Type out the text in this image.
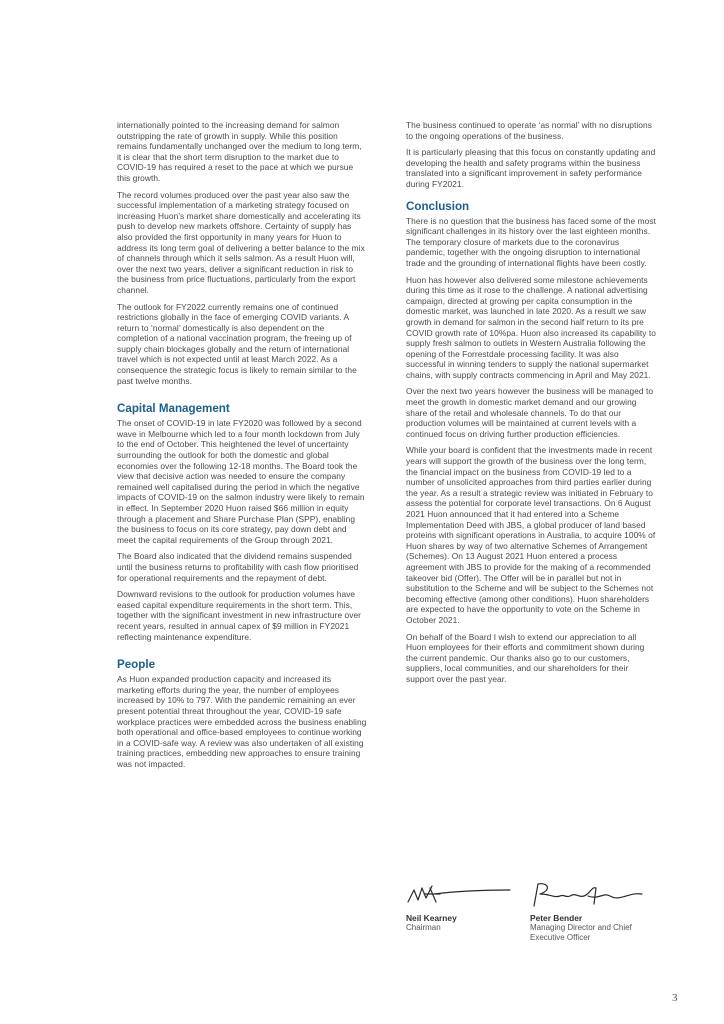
internationally pointed to the increasing demand for salmon outstripping the rate of growth in supply. While this position remains fundamentally unchanged over the medium to long term, it is clear that the short term disruption to the market due to COVID-19 has required a reset to the pace at which we pursue this growth.

The record volumes produced over the past year also saw the successful implementation of a marketing strategy focused on increasing Huon’s market share domestically and accelerating its push to develop new markets offshore. Certainty of supply has also provided the first opportunity in many years for Huon to address its long term goal of delivering a better balance to the mix of channels through which it sells salmon. As a result Huon will, over the next two years, deliver a significant reduction in risk to the business from price fluctuations, particularly from the export channel.

The outlook for FY2022 currently remains one of continued restrictions globally in the face of emerging COVID variants. A return to ‘normal’ domestically is also dependent on the completion of a national vaccination program, the freeing up of supply chain blockages globally and the return of international travel which is not expected until at least March 2022. As a consequence the strategic focus is likely to remain similar to the past twelve months.

Capital Management

The onset of COVID-19 in late FY2020 was followed by a second wave in Melbourne which led to a four month lockdown from July to the end of October. This heightened the level of uncertainty surrounding the outlook for both the domestic and global economies over the following 12-18 months. The Board took the view that decisive action was needed to ensure the company remained well capitalised during the period in which the negative impacts of COVID-19 on the salmon industry were likely to remain in effect. In September 2020 Huon raised $66 million in equity through a placement and Share Purchase Plan (SPP), enabling the business to focus on its core strategy, pay down debt and meet the capital requirements of the Group through 2021.

The Board also indicated that the dividend remains suspended until the business returns to profitability with cash flow prioritised for operational requirements and the repayment of debt.

Downward revisions to the outlook for production volumes have eased capital expenditure requirements in the short term. This, together with the significant investment in new infrastructure over recent years, resulted in annual capex of $9 million in FY2021 reflecting maintenance expenditure.

People

As Huon expanded production capacity and increased its marketing efforts during the year, the number of employees increased by 10% to 797. With the pandemic remaining an ever present potential threat throughout the year, COVID-19 safe workplace practices were embedded across the business enabling both operational and office-based employees to continue working in a COVID-safe way. A review was also undertaken of all existing training practices, embedding new approaches to ensure training was not impacted.

The business continued to operate ‘as normal’ with no disruptions to the ongoing operations of the business.

It is particularly pleasing that this focus on constantly updating and developing the health and safety programs within the business translated into a significant improvement in safety performance during FY2021.

Conclusion

There is no question that the business has faced some of the most significant challenges in its history over the last eighteen months. The temporary closure of markets due to the coronavirus pandemic, together with the ongoing disruption to international trade and the grounding of international flights have been costly.

Huon has however also delivered some milestone achievements during this time as it rose to the challenge. A national advertising campaign, directed at growing per capita consumption in the domestic market, was launched in late 2020. As a result we saw growth in demand for salmon in the second half return to its pre COVID growth rate of 10%pa. Huon also increased its capability to supply fresh salmon to outlets in Western Australia following the opening of the Forrestdale processing facility. It was also successful in winning tenders to supply the national supermarket chains, with supply contracts commencing in April and May 2021.

Over the next two years however the business will be managed to meet the growth in domestic market demand and our growing share of the retail and wholesale channels. To do that our production volumes will be maintained at current levels with a continued focus on driving further production efficiencies.

While your board is confident that the investments made in recent years will support the growth of the business over the long term, the financial impact on the business from COVID-19 led to a number of unsolicited approaches from third parties earlier during the year. As a result a strategic review was initiated in February to assess the potential for corporate level transactions. On 6 August 2021 Huon announced that it had entered into a Scheme Implementation Deed with JBS, a global producer of land based proteins with significant operations in Australia, to acquire 100% of Huon shares by way of two alternative Schemes of Arrangement (Schemes). On 13 August 2021 Huon entered a process agreement with JBS to provide for the making of a recommended takeover bid (Offer). The Offer will be in parallel but not in substitution to the Scheme and will be subject to the Schemes not becoming effective (among other conditions). Huon shareholders are expected to have the opportunity to vote on the Scheme in October 2021.

On behalf of the Board I wish to extend our appreciation to all Huon employees for their efforts and commitment shown during the current pandemic. Our thanks also go to our customers, suppliers, local communities, and our shareholders for their support over the past year.

Neil Kearney
Chairman
Peter Bender
Managing Director and Chief Executive Officer
3
